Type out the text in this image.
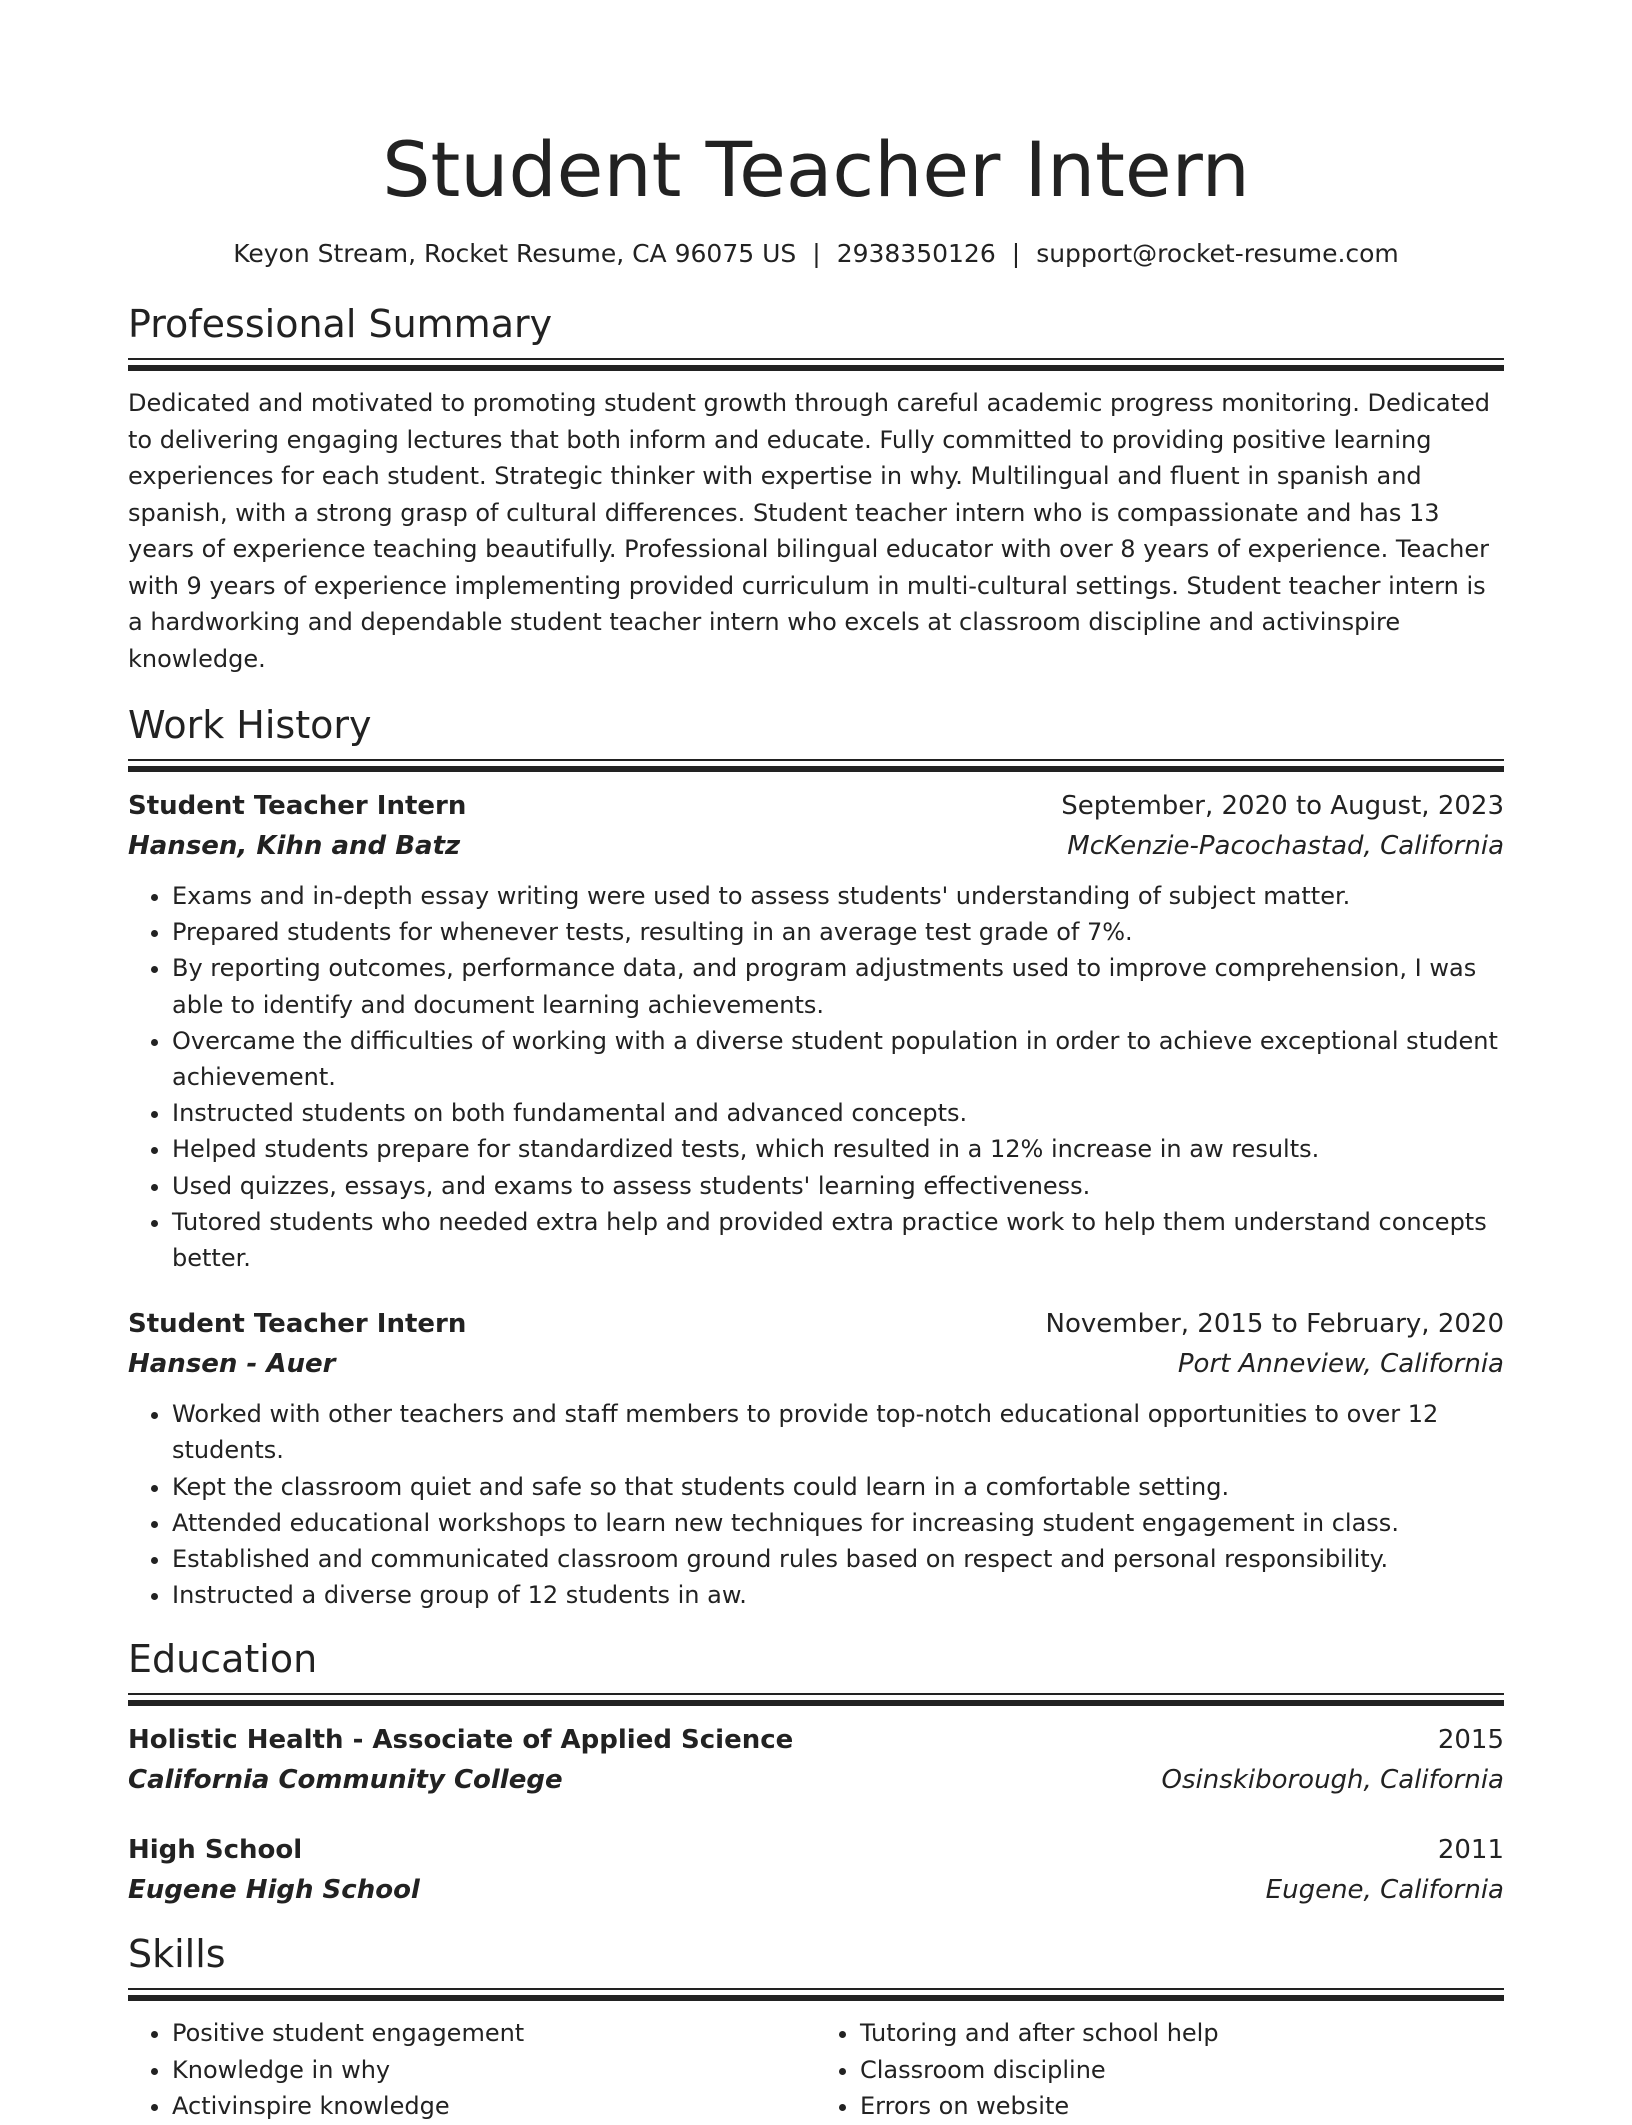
Student Teacher Intern
Keyon Stream, Rocket Resume, CA 96075 US | 2938350126 | support@rocket-resume.com
Professional Summary

Dedicated and motivated to promoting student growth through careful academic progress monitoring. Dedicated to delivering engaging lectures that both inform and educate. Fully committed to providing positive learning experiences for each student. Strategic thinker with expertise in why. Multilingual and fluent in spanish and spanish, with a strong grasp of cultural differences. Student teacher intern who is compassionate and has 13 years of experience teaching beautifully. Professional bilingual educator with over 8 years of experience. Teacher with 9 years of experience implementing provided curriculum in multi-cultural settings. Student teacher intern is a hardworking and dependable student teacher intern who excels at classroom discipline and activinspire knowledge.

Work History
Student Teacher Intern	September, 2020 to August, 2023
Hansen, Kihn and Batz	McKenzie-Pacochastad, California
• Exams and in-depth essay writing were used to assess students' understanding of subject matter.
• Prepared students for whenever tests, resulting in an average test grade of 7%.
• By reporting outcomes, performance data, and program adjustments used to improve comprehension, I was able to identify and document learning achievements.
• Overcame the difficulties of working with a diverse student population in order to achieve exceptional student achievement.
• Instructed students on both fundamental and advanced concepts.
• Helped students prepare for standardized tests, which resulted in a 12% increase in aw results.
• Used quizzes, essays, and exams to assess students' learning effectiveness.
• Tutored students who needed extra help and provided extra practice work to help them understand concepts better.
Student Teacher Intern	November, 2015 to February, 2020
Hansen - Auer	Port Anneview, California
• Worked with other teachers and staff members to provide top-notch educational opportunities to over 12 students.
• Kept the classroom quiet and safe so that students could learn in a comfortable setting.
• Attended educational workshops to learn new techniques for increasing student engagement in class.
• Established and communicated classroom ground rules based on respect and personal responsibility.
• Instructed a diverse group of 12 students in aw.
Education
Holistic Health - Associate of Applied Science	2015
California Community College	Osinskiborough, California
High School	2011
Eugene High School	Eugene, California
Skills
• Positive student engagement
• Knowledge in why
• Activinspire knowledge
• Tutoring and after school help
• Classroom discipline
• Errors on website
